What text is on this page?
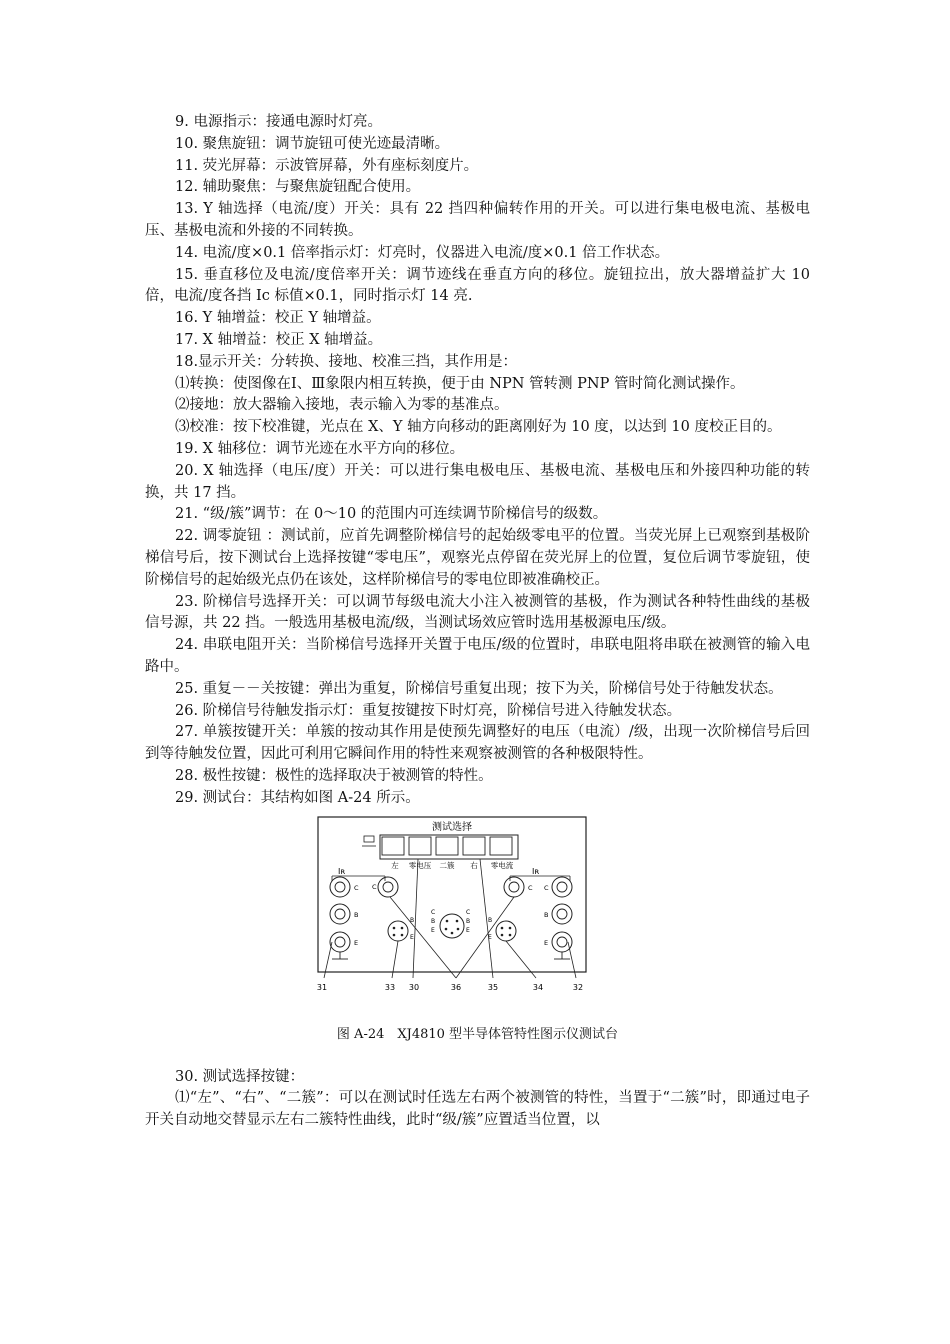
9. 电源指示：接通电源时灯亮。

10. 聚焦旋钮：调节旋钮可使光迹最清晰。

11. 荧光屏幕：示波管屏幕，外有座标刻度片。

12. 辅助聚焦：与聚焦旋钮配合使用。

13. Y 轴选择（电流/度）开关：具有 22 挡四种偏转作用的开关。可以进行集电极电流、基极电压、基极电流和外接的不同转换。

14. 电流/度×0.1 倍率指示灯：灯亮时，仪器进入电流/度×0.1 倍工作状态。

15. 垂直移位及电流/度倍率开关：调节迹线在垂直方向的移位。旋钮拉出，放大器增益扩大 10 倍，电流/度各挡 Ic 标值×0.1，同时指示灯 14 亮.

16. Y 轴增益：校正 Y 轴增益。

17. X 轴增益：校正 X 轴增益。

18.显示开关：分转换、接地、校准三挡，其作用是：

⑴转换：使图像在Ⅰ、Ⅲ象限内相互转换，便于由 NPN 管转测 PNP 管时简化测试操作。

⑵接地：放大器输入接地，表示输入为零的基准点。

⑶校准：按下校准键，光点在 X、Y 轴方向移动的距离刚好为 10 度，以达到 10 度校正目的。

19. X 轴移位：调节光迹在水平方向的移位。

20. X 轴选择（电压/度）开关：可以进行集电极电压、基极电流、基极电压和外接四种功能的转换，共 17 挡。

21. “级/簇”调节：在 0～10 的范围内可连续调节阶梯信号的级数。

22. 调零旋钮 ：测试前，应首先调整阶梯信号的起始级零电平的位置。当荧光屏上已观察到基极阶梯信号后，按下测试台上选择按键“零电压”，观察光点停留在荧光屏上的位置，复位后调节零旋钮，使阶梯信号的起始级光点仍在该处，这样阶梯信号的零电位即被准确校正。

23. 阶梯信号选择开关：可以调节每级电流大小注入被测管的基极，作为测试各种特性曲线的基极信号源，共 22 挡。一般选用基极电流/级，当测试场效应管时选用基极源电压/级。

24. 串联电阻开关：当阶梯信号选择开关置于电压/级的位置时，串联电阻将串联在被测管的输入电路中。

25. 重复－－关按键：弹出为重复，阶梯信号重复出现；按下为关，阶梯信号处于待触发状态。

26. 阶梯信号待触发指示灯：重复按键按下时灯亮，阶梯信号进入待触发状态。

27. 单簇按键开关：单簇的按动其作用是使预先调整好的电压（电流）/级，出现一次阶梯信号后回到等待触发位置，因此可利用它瞬间作用的特性来观察被测管的各种极限特性。

28. 极性按键：极性的选择取决于被测管的特性。

29. 测试台：其结构如图 A-24 所示。

测试选择
左 零电压 二簇 右 零电流
Iʀ
C
B
E
C
B
E
C
B
E
C
B
E
B
E
Iʀ
C C
B
E
31	33 30	36	35	34	32

图 A-24　XJ4810 型半导体管特性图示仪测试台

30. 测试选择按键：

⑴“左”、“右”、“二簇”：可以在测试时任选左右两个被测管的特性，当置于“二簇”时，即通过电子开关自动地交替显示左右二簇特性曲线，此时“级/簇”应置适当位置，以
